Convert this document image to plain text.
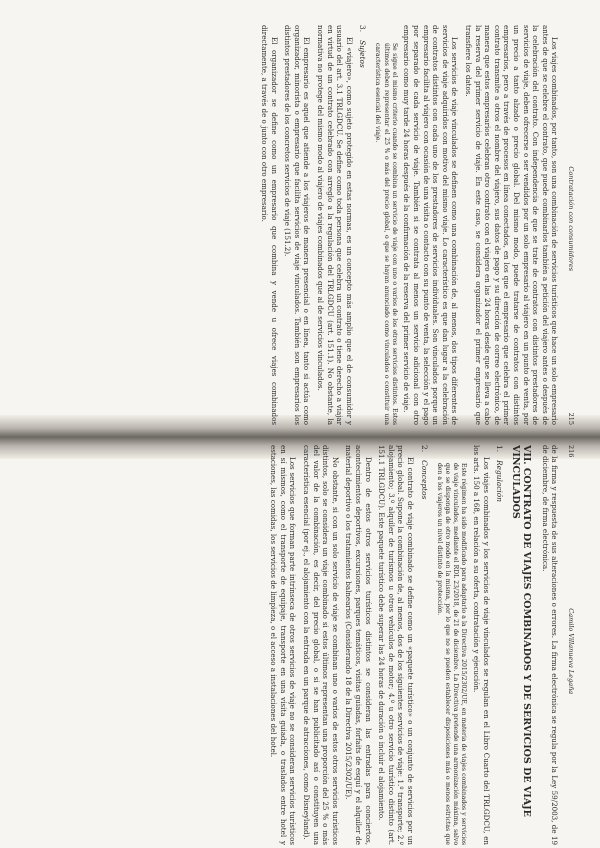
216
Camilo Villanueva Legaña

de la firma y respuesta de sus alteraciones o errores. La firma electrónica se regula por la Ley 59/2003, de 19 de diciembre, de firma electrónica.

VII. CONTRATO DE VIAJES COMBINADOS Y DE SERVICIOS DE VIAJE VINCULADOS
1.Regulación

Los viajes combinados y los servicios de viaje vinculados se regulan en el Libro Cuarto del TRLGDCU, en los arts. 150 a 168, en relación a su oferta, contratación y ejecución.

Este régimen ha sido modificado para adaptarlo a la Directiva 2015/2302/UE, en materia de viajes combinados y servicios de viaje vinculados, mediante el RDL 23/2018, de 21 de diciembre. La Directiva pretende una armonización máxima, salvo que se disponga de otro modo en la misma, por lo que no se pueden establecer disposiciones más o menos estrictas que den a los viajeros un nivel distinto de protección.
2.Conceptos

El contrato de viaje combinado se define como un «paquete turístico» o un conjunto de servicios por un precio global. Supone la combinación de, al menos, dos de los siguientes servicios de viaje: 1.º transporte; 2.º alojamiento; 3.º alquiler de turismos u otros vehículos de motor; 4.º u otro servicio turístico distinto (art. 151.1 TRLGDCU). Este paquete turístico debe superar las 24 horas de duración o incluir el alojamiento.

Dentro de estos otros servicios turísticos distintos se consideran las entradas para conciertos, acontecimientos deportivos, excursiones, parques temáticos, visitas guiadas, forfaits de esquí y el alquiler de material deportivo o los tratamientos balnearios (Considerando 18 de la Directiva 2015/2302/UE).

No obstante, si con un solo servicio de viaje se combinan uno o varios de estos otros servicios turísticos distintos, solo se considera un viaje combinado si estos últimos representan una proporción del 25 % o más del valor de la combinación, es decir, del precio global, o si se han publicitado así o constituyen una característica esencial (por ej., el alojamiento con la entrada en un parque de atracciones, como Disneyland).

Los servicios que forman parte intrínseca de otros servicios de viaje no se consideran servicios turísticos en sí mismos, como el transporte de equipaje, transporte en una visita guiada, o traslados entre hotel y estaciones, las comidas, los servicios de limpieza, o el acceso a instalaciones del hotel.

Contratación con consumidores
215

Los viajes combinados, por tanto, son una combinación de servicios turísticos que hace un solo empresario antes de que se celebre el contrato, que puede combinarlos también a petición del viajero antes o después de la celebración del contrato. Con independencia de que se trate de contratos con distintos prestadores de servicios de viaje, deben ofrecerse o ser vendidos por un solo empresario al viajero en un punto de venta, por un precio a tanto alzado o precio global. Del mismo modo, puede tratarse de contratos con distintos empresarios, pero a través de procesos en línea conectados, en los que el empresario que celebra el primer contrato transmite a otros el nombre del viajero, sus datos de pago y su dirección de correo electrónico, de manera que estos empresarios celebran otro contrato con el viajero en las 24 horas desde que se lleva a cabo la reserva del primer servicio de viaje. En este caso, se considera organizador el primer empresario que transfiere los datos.

Los servicios de viaje vinculados se definen como una combinación de, al menos, dos tipos diferentes de servicios de viaje adquiridos con motivo del mismo viaje. Lo característico es que dan lugar a la celebración de contratos distintos con cada uno de los prestadores de servicios individuales. Son vinculados porque un empresario facilita al viajero con ocasión de una visita o contacto con su punto de venta, la selección y el pago por separado de cada servicio de viaje. También si se contrata al menos un servicio adicional con otro empresario como muy tarde 24 horas después de la confirmación de la reserva del primer servicio de viaje.

Se sigue el mismo criterio cuando se combina un servicio de viaje con uno o varios de los otros servicios distintos. Estos últimos deben representar el 25 % o más del precio global, o que se hayan anunciado como vinculados o constituir una característica esencial del viaje.
3.Sujetos

El «viajero», como sujeto protegido en estas normas, es un concepto más amplio que el de consumidor y usuario del art. 3.1 TRLGDCU. Se define como toda persona que celebra un contrato o tiene derecho a viajar en virtud de un contrato celebrado con arreglo a la regulación del TRLGDCU (art. 151.1). No obstante, la normativa no protege del mismo modo al viajero de viajes combinados que al de servicios vinculados.

El empresario es aquel que atiende a los viajeros de manera presencial o en línea, tanto si actúa como organizador, minorista o empresario que facilita servicios de viaje vinculados. También son empresarios los distintos prestadores de los concretos servicios de viaje (151.2).

El organizador se define como un empresario que combina y vende u ofrece viajes combinados directamente, a través de o junto con otro empresario.
